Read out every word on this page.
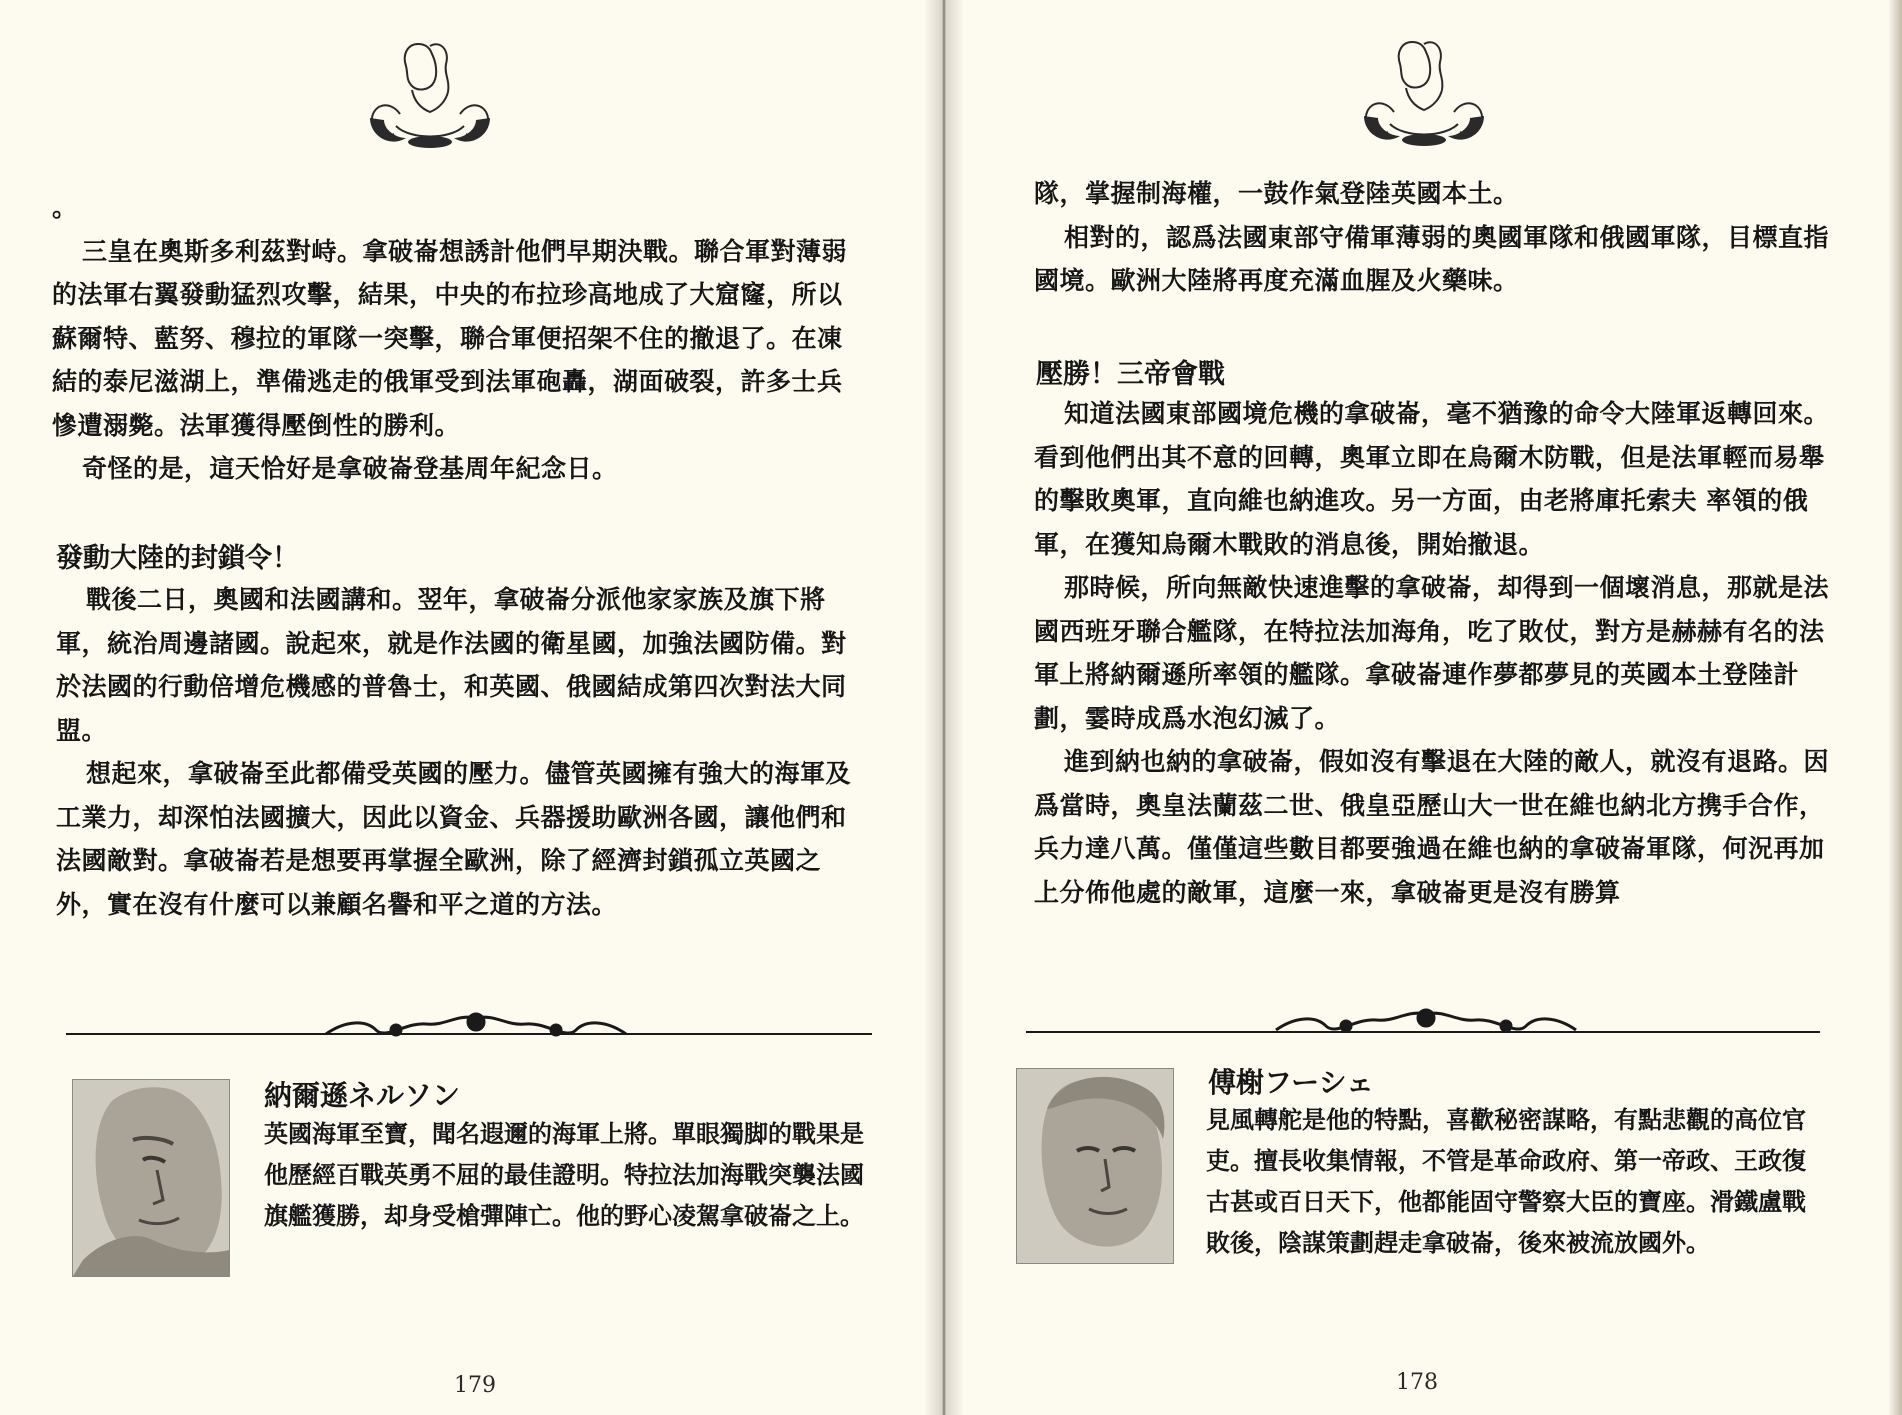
。

三皇在奧斯多利茲對峙。拿破崙想誘計他們早期決戰。聯合軍對薄弱的法軍右翼發動猛烈攻擊，結果，中央的布拉珍高地成了大窟窿，所以蘇爾特、藍努、穆拉的軍隊一突擊，聯合軍便招架不住的撤退了。在凍結的泰尼滋湖上，準備逃走的俄軍受到法軍砲轟，湖面破裂，許多士兵慘遭溺斃。法軍獲得壓倒性的勝利。

奇怪的是，這天恰好是拿破崙登基周年紀念日。

發動大陸的封鎖令！

戰後二日，奧國和法國講和。翌年，拿破崙分派他家家族及旗下將軍，統治周邊諸國。說起來，就是作法國的衛星國，加強法國防備。對於法國的行動倍增危機感的普魯士，和英國、俄國結成第四次對法大同盟。

想起來，拿破崙至此都備受英國的壓力。儘管英國擁有強大的海軍及工業力，却深怕法國擴大，因此以資金、兵器援助歐洲各國，讓他們和法國敵對。拿破崙若是想要再掌握全歐洲，除了經濟封鎖孤立英國之外，實在沒有什麼可以兼顧名譽和平之道的方法。

納爾遜ネルソン
英國海軍至寶，聞名遐邇的海軍上將。單眼獨脚的戰果是他歷經百戰英勇不屈的最佳證明。特拉法加海戰突襲法國旗艦獲勝，却身受槍彈陣亡。他的野心凌駕拿破崙之上。
179

隊，掌握制海權，一鼓作氣登陸英國本土。

相對的，認爲法國東部守備軍薄弱的奧國軍隊和俄國軍隊，目標直指國境。歐洲大陸將再度充滿血腥及火藥味。

壓勝！三帝會戰

知道法國東部國境危機的拿破崙，毫不猶豫的命令大陸軍返轉回來。看到他們出其不意的回轉，奧軍立即在烏爾木防戰，但是法軍輕而易舉的擊敗奧軍，直向維也納進攻。另一方面，由老將庫托索夫 率領的俄軍，在獲知烏爾木戰敗的消息後，開始撤退。

那時候，所向無敵快速進擊的拿破崙，却得到一個壞消息，那就是法國西班牙聯合艦隊，在特拉法加海角，吃了敗仗，對方是赫赫有名的法軍上將納爾遜所率領的艦隊。拿破崙連作夢都夢見的英國本土登陸計劃，霎時成爲水泡幻滅了。

進到納也納的拿破崙，假如沒有擊退在大陸的敵人，就沒有退路。因爲當時，奧皇法蘭茲二世、俄皇亞歷山大一世在維也納北方携手合作，兵力達八萬。僅僅這些數目都要強過在維也納的拿破崙軍隊，何況再加上分佈他處的敵軍，這麼一來，拿破崙更是沒有勝算

傅榭フーシェ
見風轉舵是他的特點，喜歡秘密謀略，有點悲觀的高位官吏。擅長收集情報，不管是革命政府、第一帝政、王政復古甚或百日天下，他都能固守警察大臣的寶座。滑鐵盧戰敗後，陰謀策劃趕走拿破崙，後來被流放國外。
178
